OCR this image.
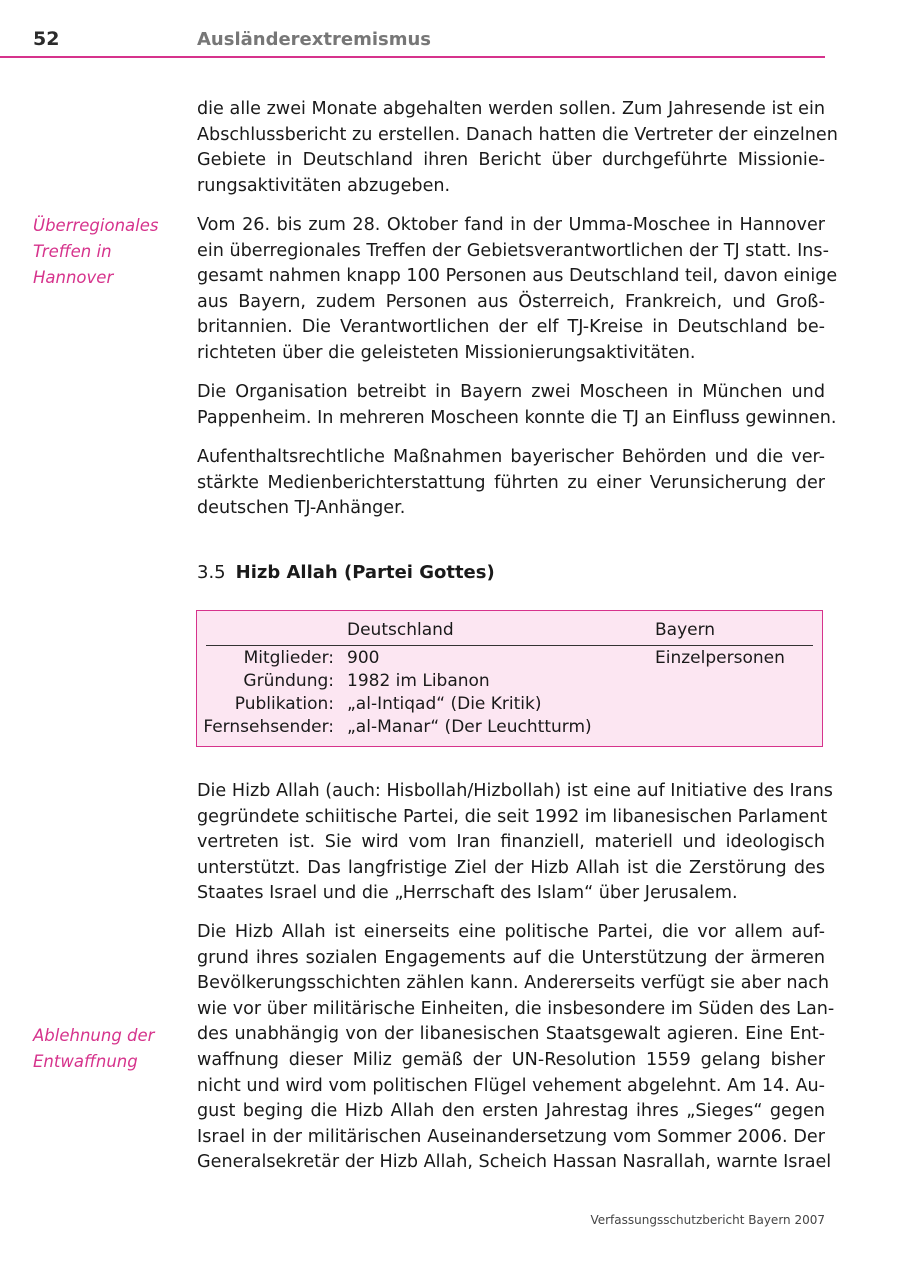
52	Ausländerextremismus
Überregionales
Treffen in
Hannover
Ablehnung der
Entwaffnung
die alle zwei Monate abgehalten werden sollen. Zum Jahresende ist ein
Abschlussbericht zu erstellen. Danach hatten die Vertreter der einzelnen
Gebiete in Deutschland ihren Bericht über durchgeführte Missionie-
rungsaktivitäten abzugeben.
Vom 26. bis zum 28. Oktober fand in der Umma-Moschee in Hannover
ein überregionales Treffen der Gebietsverantwortlichen der TJ statt. Ins-
gesamt nahmen knapp 100 Personen aus Deutschland teil, davon einige
aus Bayern, zudem Personen aus Österreich, Frankreich, und Groß-
britannien. Die Verantwortlichen der elf TJ-Kreise in Deutschland be-
richteten über die geleisteten Missionierungsaktivitäten.
Die Organisation betreibt in Bayern zwei Moscheen in München und
Pappenheim. In mehreren Moscheen konnte die TJ an Einfluss gewinnen.
Aufenthaltsrechtliche Maßnahmen bayerischer Behörden und die ver-
stärkte Medienberichterstattung führten zu einer Verunsicherung der
deutschen TJ-Anhänger.
3.5 Hizb Allah (Partei Gottes)
Deutschland	Bayern
Mitglieder: 900	Einzelpersonen
Gründung: 1982 im Libanon
Publikation: „al-Intiqad“ (Die Kritik)
Fernsehsender: „al-Manar“ (Der Leuchtturm)
Die Hizb Allah (auch: Hisbollah/Hizbollah) ist eine auf Initiative des Irans
gegründete schiitische Partei, die seit 1992 im libanesischen Parlament
vertreten ist. Sie wird vom Iran finanziell, materiell und ideologisch
unterstützt. Das langfristige Ziel der Hizb Allah ist die Zerstörung des
Staates Israel und die „Herrschaft des Islam“ über Jerusalem.
Die Hizb Allah ist einerseits eine politische Partei, die vor allem auf-
grund ihres sozialen Engagements auf die Unterstützung der ärmeren
Bevölkerungsschichten zählen kann. Andererseits verfügt sie aber nach
wie vor über militärische Einheiten, die insbesondere im Süden des Lan-
des unabhängig von der libanesischen Staatsgewalt agieren. Eine Ent-
waffnung dieser Miliz gemäß der UN-Resolution 1559 gelang bisher
nicht und wird vom politischen Flügel vehement abgelehnt. Am 14. Au-
gust beging die Hizb Allah den ersten Jahrestag ihres „Sieges“ gegen
Israel in der militärischen Auseinandersetzung vom Sommer 2006. Der
Generalsekretär der Hizb Allah, Scheich Hassan Nasrallah, warnte Israel
Verfassungsschutzbericht Bayern 2007
